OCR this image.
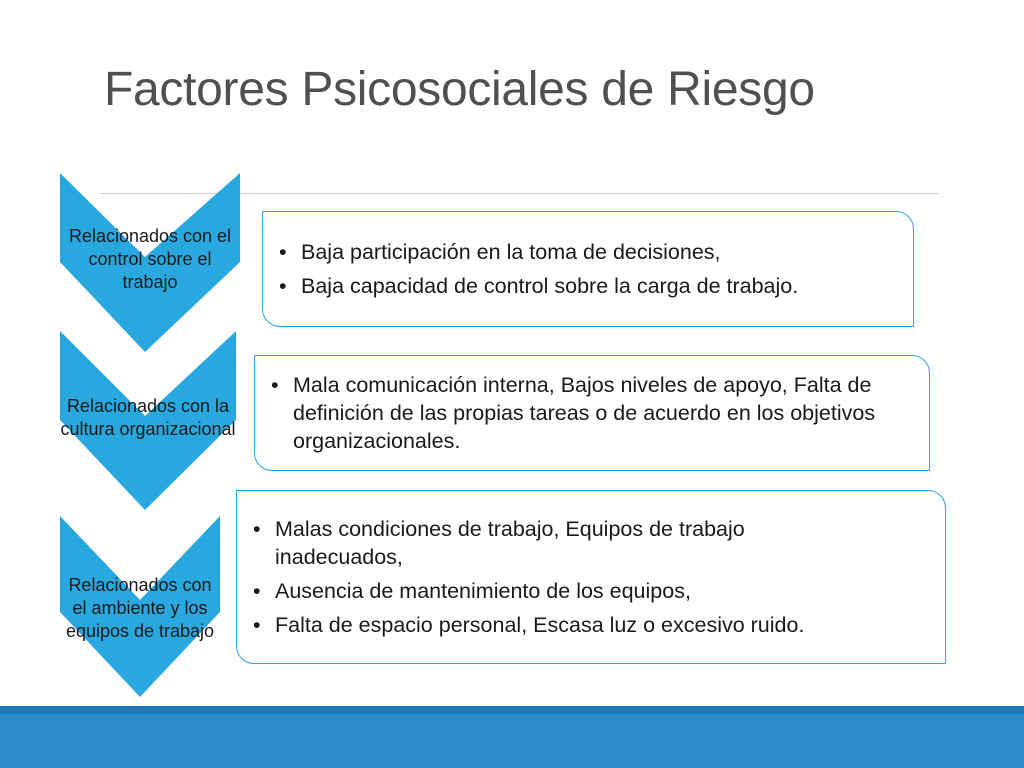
Factores Psicosociales de Riesgo
Relacionados con el control sobre el trabajo
Relacionados con la cultura organizacional
Relacionados con el ambiente y los equipos de trabajo
• Baja participación en la toma de decisiones,
• Baja capacidad de control sobre la carga de trabajo.
• Mala comunicación interna, Bajos niveles de apoyo, Falta de definición de las propias tareas o de acuerdo en los objetivos organizacionales.
• Malas condiciones de trabajo, Equipos de trabajo inadecuados,
• Ausencia de mantenimiento de los equipos,
• Falta de espacio personal, Escasa luz o excesivo ruido.
